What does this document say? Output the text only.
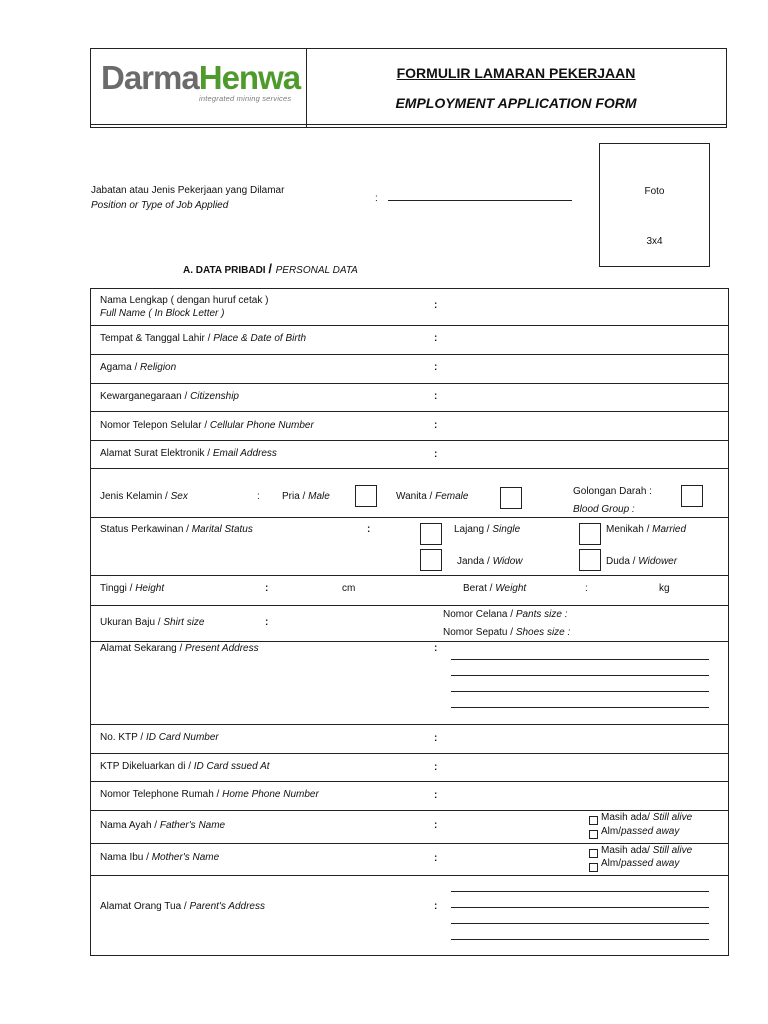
DarmaHenwa
integrated mining services
FORMULIR LAMARAN PEKERJAAN
EMPLOYMENT APPLICATION FORM
Foto
3x4
Jabatan atau Jenis Pekerjaan yang Dilamar
Position or Type of Job Applied
:
A. DATA PRIBADI / PERSONAL DATA
Nama Lengkap ( dengan huruf cetak )
Full Name ( In Block Letter )
:
Tempat & Tanggal Lahir / Place & Date of Birth	:
Agama / Religion	:
Kewarganegaraan / Citizenship	:
Nomor Telepon Selular / Cellular Phone Number	:
Alamat Surat Elektronik / Email Address	:
Jenis Kelamin / Sex	: Pria / Male	Wanita / Female	Golongan Darah :
Blood Group :
Status Perkawinan / Marital Status	:	Lajang / Single	Menikah / Married
Janda / Widow	Duda / Widower
Tinggi / Height	:	cm	Berat / Weight	:	kg
Ukuran Baju / Shirt size	:
Nomor Celana / Pants size :
Nomor Sepatu / Shoes size :
Alamat Sekarang / Present Address	:
No. KTP / ID Card Number	:
KTP Dikeluarkan di / ID Card ssued At	:
Nomor Telephone Rumah / Home Phone Number	:
Nama Ayah / Father's Name	:
Masih ada/ Still alive
Alm/passed away
Nama Ibu / Mother's Name	:
Masih ada/ Still alive
Alm/passed away
Alamat Orang Tua / Parent's Address	:
